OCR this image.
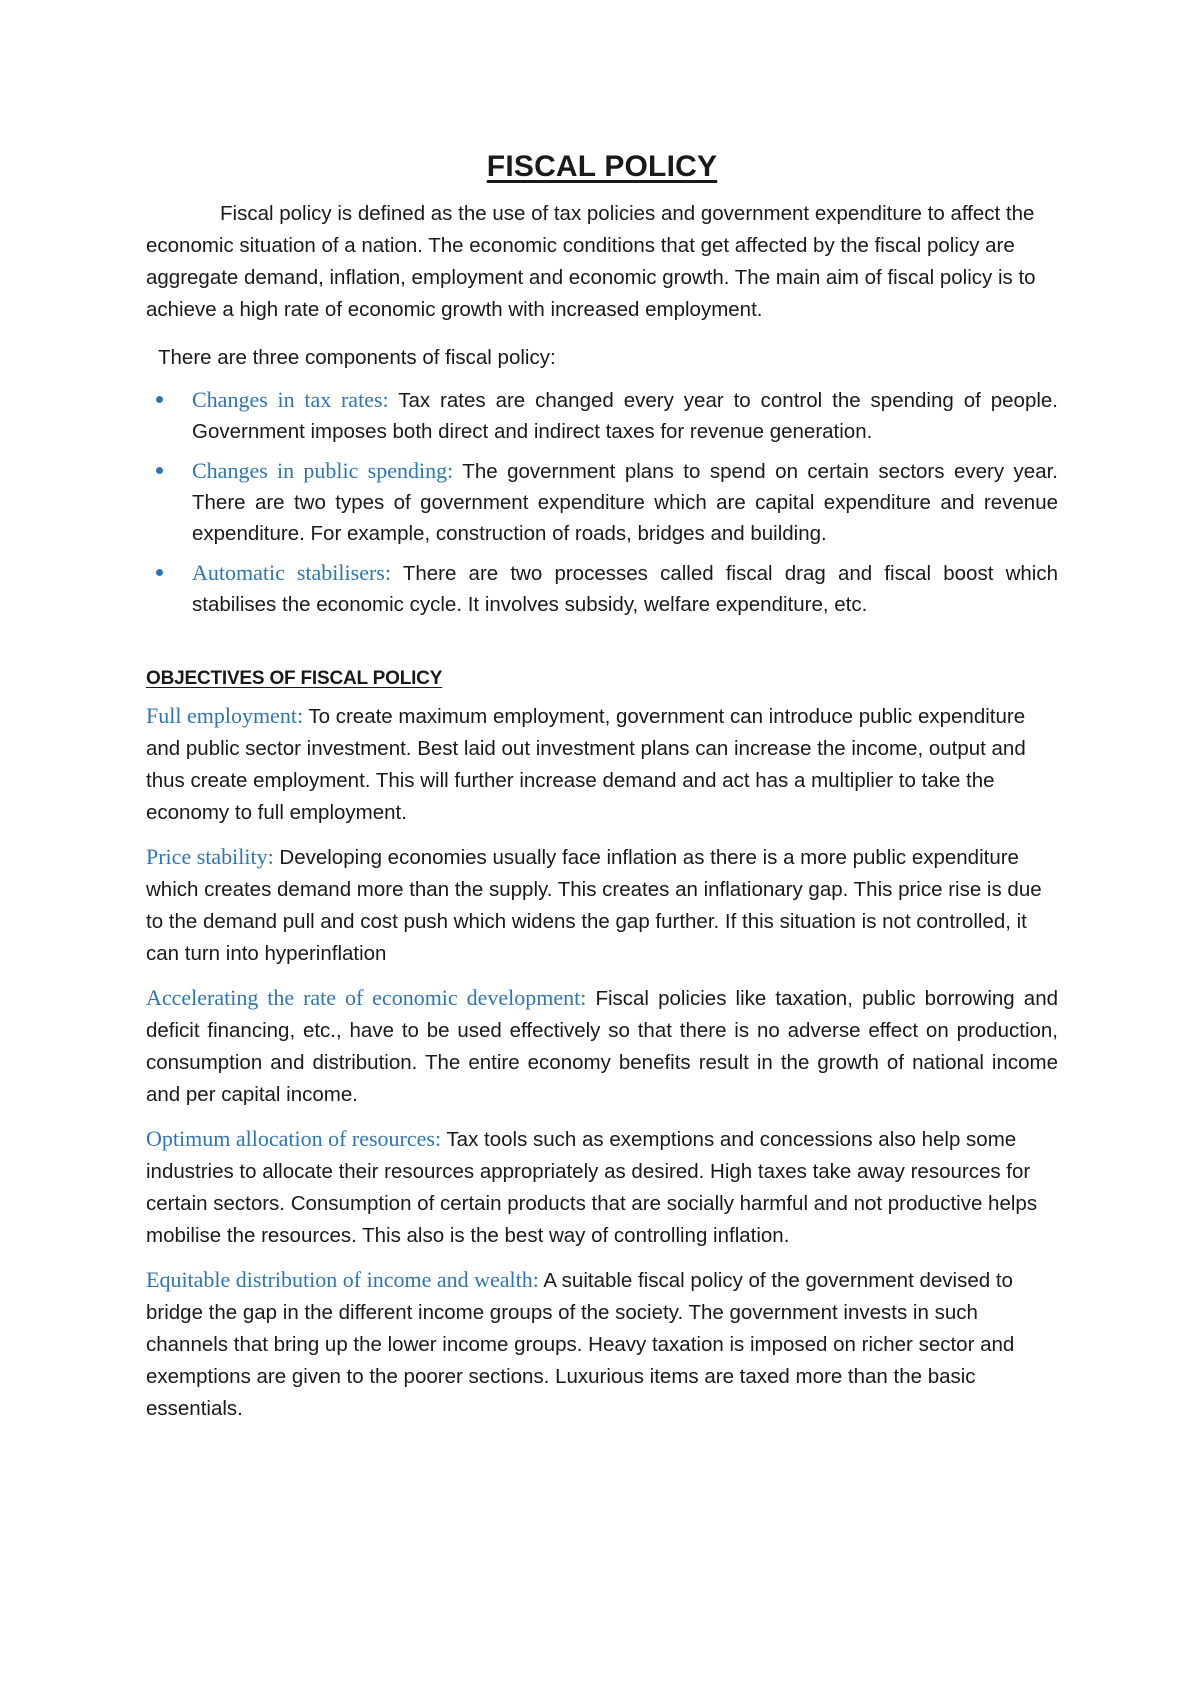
FISCAL POLICY

Fiscal policy is defined as the use of tax policies and government expenditure to affect the economic situation of a nation. The economic conditions that get affected by the fiscal policy are aggregate demand, inflation, employment and economic growth. The main aim of fiscal policy is to achieve a high rate of economic growth with increased employment.

There are three components of fiscal policy:

Changes in tax rates: Tax rates are changed every year to control the spending of people. Government imposes both direct and indirect taxes for revenue generation.
Changes in public spending: The government plans to spend on certain sectors every year. There are two types of government expenditure which are capital expenditure and revenue expenditure. For example, construction of roads, bridges and building.
Automatic stabilisers: There are two processes called fiscal drag and fiscal boost which stabilises the economic cycle. It involves subsidy, welfare expenditure, etc.
OBJECTIVES OF FISCAL POLICY

Full employment: To create maximum employment, government can introduce public expenditure and public sector investment. Best laid out investment plans can increase the income, output and thus create employment. This will further increase demand and act has a multiplier to take the economy to full employment.

Price stability: Developing economies usually face inflation as there is a more public expenditure which creates demand more than the supply. This creates an inflationary gap. This price rise is due to the demand pull and cost push which widens the gap further. If this situation is not controlled, it can turn into hyperinflation

Accelerating the rate of economic development: Fiscal policies like taxation, public borrowing and deficit financing, etc., have to be used effectively so that there is no adverse effect on production, consumption and distribution. The entire economy benefits result in the growth of national income and per capital income.

Optimum allocation of resources: Tax tools such as exemptions and concessions also help some industries to allocate their resources appropriately as desired. High taxes take away resources for certain sectors. Consumption of certain products that are socially harmful and not productive helps mobilise the resources. This also is the best way of controlling inflation.

Equitable distribution of income and wealth: A suitable fiscal policy of the government devised to bridge the gap in the different income groups of the society. The government invests in such channels that bring up the lower income groups. Heavy taxation is imposed on richer sector and exemptions are given to the poorer sections. Luxurious items are taxed more than the basic essentials.
